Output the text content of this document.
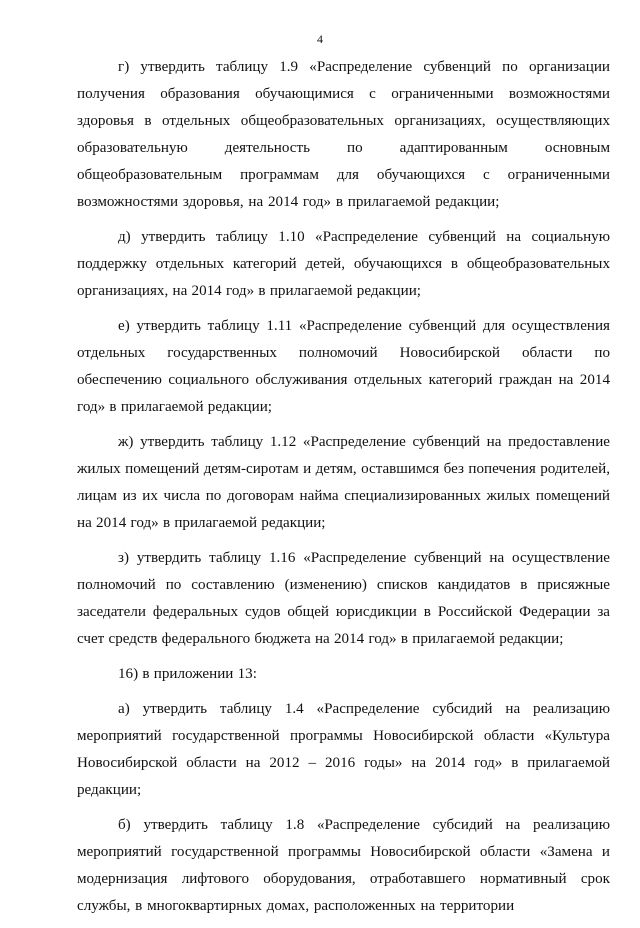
4

г) утвердить таблицу 1.9 «Распределение субвенций по организации получения образования обучающимися с ограниченными возможностями здоровья в отдельных общеобразовательных организациях, осуществляющих образовательную деятельность по адаптированным основным общеобразовательным программам для обучающихся с ограниченными возможностями здоровья, на 2014 год» в прилагаемой редакции;

д) утвердить таблицу 1.10 «Распределение субвенций на социальную поддержку отдельных категорий детей, обучающихся в общеобразовательных организациях, на 2014 год» в прилагаемой редакции;

е) утвердить таблицу 1.11 «Распределение субвенций для осуществления отдельных государственных полномочий Новосибирской области по обеспечению социального обслуживания отдельных категорий граждан на 2014 год» в прилагаемой редакции;

ж) утвердить таблицу 1.12 «Распределение субвенций на предоставление жилых помещений детям-сиротам и детям, оставшимся без попечения родителей, лицам из их числа по договорам найма специализированных жилых помещений на 2014 год» в прилагаемой редакции;

з) утвердить таблицу 1.16 «Распределение субвенций на осуществление полномочий по составлению (изменению) списков кандидатов в присяжные заседатели федеральных судов общей юрисдикции в Российской Федерации за счет средств федерального бюджета на 2014 год» в прилагаемой редакции;

16) в приложении 13:

а) утвердить таблицу 1.4 «Распределение субсидий на реализацию мероприятий государственной программы Новосибирской области «Культура Новосибирской области на 2012 – 2016 годы» на 2014 год» в прилагаемой редакции;

б) утвердить таблицу 1.8 «Распределение субсидий на реализацию мероприятий государственной программы Новосибирской области «Замена и модернизация лифтового оборудования, отработавшего нормативный срок службы, в многоквартирных домах, расположенных на территории
